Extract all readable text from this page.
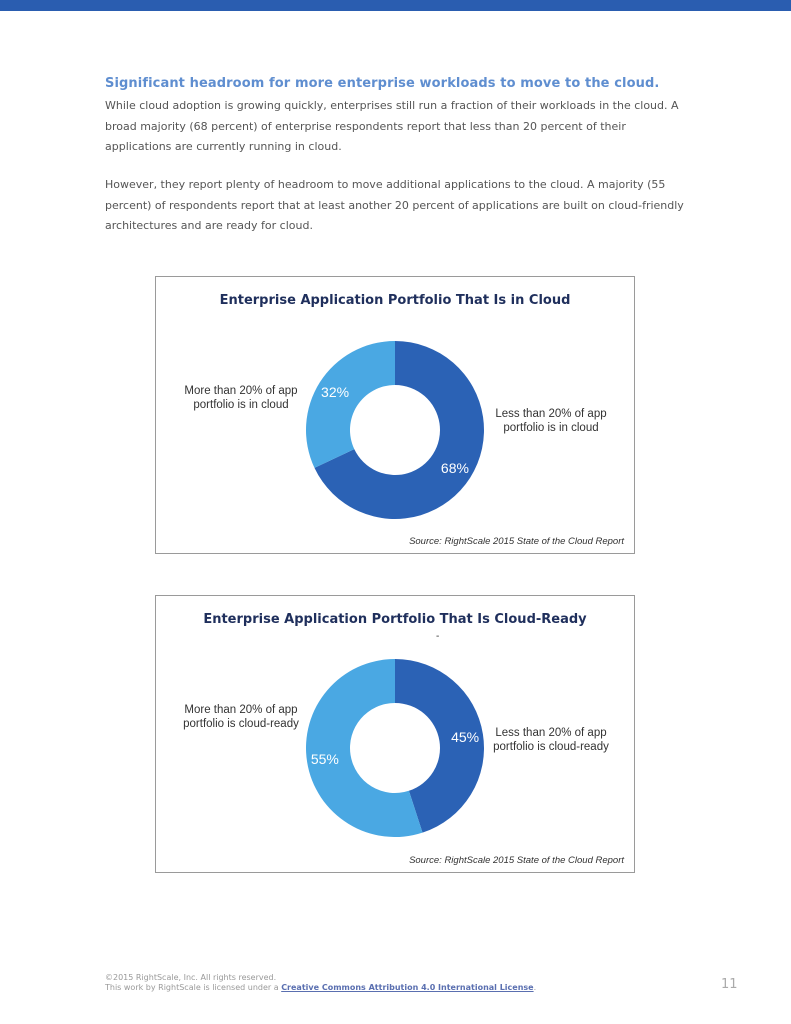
Significant headroom for more enterprise workloads to move to the cloud.
While cloud adoption is growing quickly, enterprises still run a fraction of their workloads in the cloud. A broad majority (68 percent) of enterprise respondents report that less than 20 percent of their applications are currently running in cloud.
However, they report plenty of headroom to move additional applications to the cloud. A majority (55 percent) of respondents report that at least another 20 percent of applications are built on cloud-friendly architectures and are ready for cloud.
Enterprise Application Portfolio That Is in Cloud
68%
32%
More than 20% of app portfolio is in cloud
Less than 20% of app portfolio is in cloud
Source: RightScale 2015 State of the Cloud Report
Enterprise Application Portfolio That Is Cloud-Ready
-
45%
55%
More than 20% of app portfolio is cloud-ready
Less than 20% of app portfolio is cloud-ready
Source: RightScale 2015 State of the Cloud Report
©2015 RightScale, Inc. All rights reserved.
This work by RightScale is licensed under a Creative Commons Attribution 4.0 International License.	11
